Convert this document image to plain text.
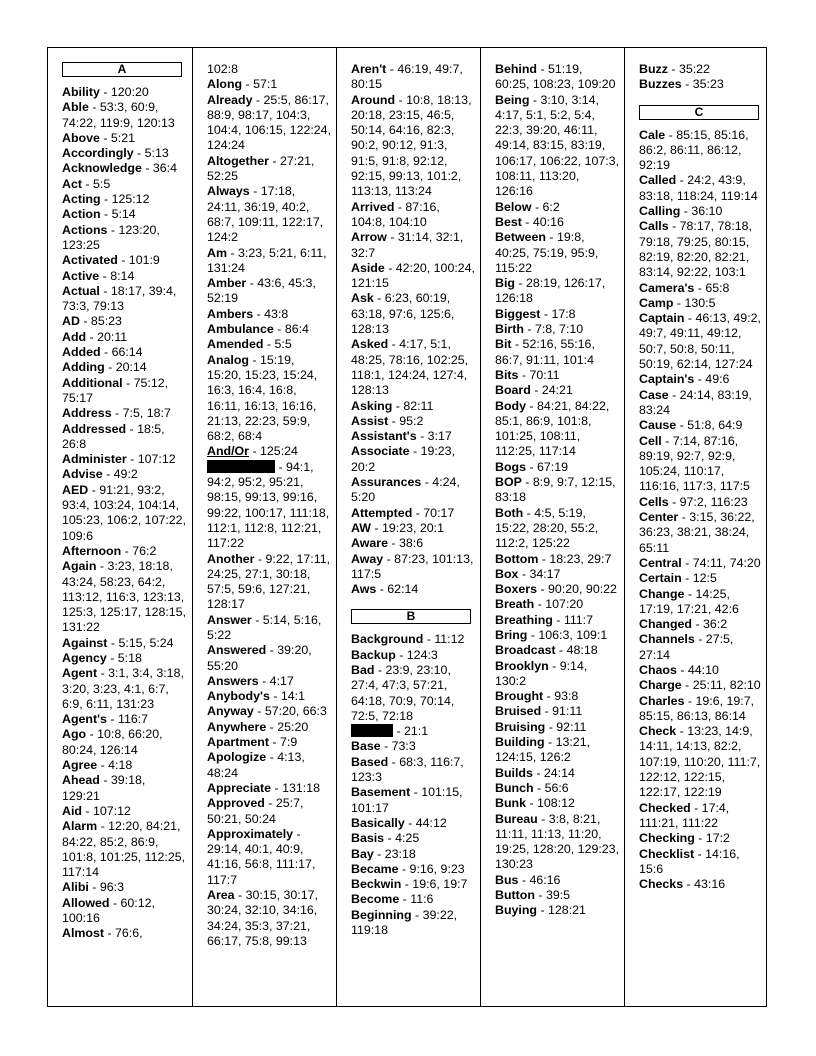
A
Ability - 120:20
Able - 53:3, 60:9, 74:22, 119:9, 120:13
Above - 5:21
Accordingly - 5:13
Acknowledge - 36:4
Act - 5:5
Acting - 125:12
Action - 5:14
Actions - 123:20, 123:25
Activated - 101:9
Active - 8:14
Actual - 18:17, 39:4, 73:3, 79:13
AD - 85:23
Add - 20:11
Added - 66:14
Adding - 20:14
Additional - 75:12, 75:17
Address - 7:5, 18:7
Addressed - 18:5, 26:8
Administer - 107:12
Advise - 49:2
AED - 91:21, 93:2, 93:4, 103:24, 104:14, 105:23, 106:2, 107:22, 109:6
Afternoon - 76:2
Again - 3:23, 18:18, 43:24, 58:23, 64:2, 113:12, 116:3, 123:13, 125:3, 125:17, 128:15, 131:22
Against - 5:15, 5:24
Agency - 5:18
Agent - 3:1, 3:4, 3:18, 3:20, 3:23, 4:1, 6:7, 6:9, 6:11, 131:23
Agent's - 116:7
Ago - 10:8, 66:20, 80:24, 126:14
Agree - 4:18
Ahead - 39:18, 129:21
Aid - 107:12
Alarm - 12:20, 84:21, 84:22, 85:2, 86:9, 101:8, 101:25, 112:25, 117:14
Alibi - 96:3
Allowed - 60:12, 100:16
Almost - 76:6,
102:8
Along - 57:1
Already - 25:5, 86:17, 88:9, 98:17, 104:3, 104:4, 106:15, 122:24, 124:24
Altogether - 27:21, 52:25
Always - 17:18, 24:11, 36:19, 40:2, 68:7, 109:11, 122:17, 124:2
Am - 3:23, 5:21, 6:11, 131:24
Amber - 43:6, 45:3, 52:19
Ambers - 43:8
Ambulance - 86:4
Amended - 5:5
Analog - 15:19, 15:20, 15:23, 15:24, 16:3, 16:4, 16:8, 16:11, 16:13, 16:16, 21:13, 22:23, 59:9, 68:2, 68:4
And/Or - 125:24
- 94:1, 94:2, 95:2, 95:21, 98:15, 99:13, 99:16, 99:22, 100:17, 111:18, 112:1, 112:8, 112:21, 117:22
Another - 9:22, 17:11, 24:25, 27:1, 30:18, 57:5, 59:6, 127:21, 128:17
Answer - 5:14, 5:16, 5:22
Answered - 39:20, 55:20
Answers - 4:17
Anybody's - 14:1
Anyway - 57:20, 66:3
Anywhere - 25:20
Apartment - 7:9
Apologize - 4:13, 48:24
Appreciate - 131:18
Approved - 25:7, 50:21, 50:24
Approximately - 29:14, 40:1, 40:9, 41:16, 56:8, 111:17, 117:7
Area - 30:15, 30:17, 30:24, 32:10, 34:16, 34:24, 35:3, 37:21, 66:17, 75:8, 99:13
Aren't - 46:19, 49:7, 80:15
Around - 10:8, 18:13, 20:18, 23:15, 46:5, 50:14, 64:16, 82:3, 90:2, 90:12, 91:3, 91:5, 91:8, 92:12, 92:15, 99:13, 101:2, 113:13, 113:24
Arrived - 87:16, 104:8, 104:10
Arrow - 31:14, 32:1, 32:7
Aside - 42:20, 100:24, 121:15
Ask - 6:23, 60:19, 63:18, 97:6, 125:6, 128:13
Asked - 4:17, 5:1, 48:25, 78:16, 102:25, 118:1, 124:24, 127:4, 128:13
Asking - 82:11
Assist - 95:2
Assistant's - 3:17
Associate - 19:23, 20:2
Assurances - 4:24, 5:20
Attempted - 70:17
AW - 19:23, 20:1
Aware - 38:6
Away - 87:23, 101:13, 117:5
Aws - 62:14
B
Background - 11:12
Backup - 124:3
Bad - 23:9, 23:10, 27:4, 47:3, 57:21, 64:18, 70:9, 70:14, 72:5, 72:18
- 21:1
Base - 73:3
Based - 68:3, 116:7, 123:3
Basement - 101:15, 101:17
Basically - 44:12
Basis - 4:25
Bay - 23:18
Became - 9:16, 9:23
Beckwin - 19:6, 19:7
Become - 11:6
Beginning - 39:22, 119:18
Behind - 51:19, 60:25, 108:23, 109:20
Being - 3:10, 3:14, 4:17, 5:1, 5:2, 5:4, 22:3, 39:20, 46:11, 49:14, 83:15, 83:19, 106:17, 106:22, 107:3, 108:11, 113:20, 126:16
Below - 6:2
Best - 40:16
Between - 19:8, 40:25, 75:19, 95:9, 115:22
Big - 28:19, 126:17, 126:18
Biggest - 17:8
Birth - 7:8, 7:10
Bit - 52:16, 55:16, 86:7, 91:11, 101:4
Bits - 70:11
Board - 24:21
Body - 84:21, 84:22, 85:1, 86:9, 101:8, 101:25, 108:11, 112:25, 117:14
Bogs - 67:19
BOP - 8:9, 9:7, 12:15, 83:18
Both - 4:5, 5:19, 15:22, 28:20, 55:2, 112:2, 125:22
Bottom - 18:23, 29:7
Box - 34:17
Boxers - 90:20, 90:22
Breath - 107:20
Breathing - 111:7
Bring - 106:3, 109:1
Broadcast - 48:18
Brooklyn - 9:14, 130:2
Brought - 93:8
Bruised - 91:11
Bruising - 92:11
Building - 13:21, 124:15, 126:2
Builds - 24:14
Bunch - 56:6
Bunk - 108:12
Bureau - 3:8, 8:21, 11:11, 11:13, 11:20, 19:25, 128:20, 129:23, 130:23
Bus - 46:16
Button - 39:5
Buying - 128:21
Buzz - 35:22
Buzzes - 35:23
C
Cale - 85:15, 85:16, 86:2, 86:11, 86:12, 92:19
Called - 24:2, 43:9, 83:18, 118:24, 119:14
Calling - 36:10
Calls - 78:17, 78:18, 79:18, 79:25, 80:15, 82:19, 82:20, 82:21, 83:14, 92:22, 103:1
Camera's - 65:8
Camp - 130:5
Captain - 46:13, 49:2, 49:7, 49:11, 49:12, 50:7, 50:8, 50:11, 50:19, 62:14, 127:24
Captain's - 49:6
Case - 24:14, 83:19, 83:24
Cause - 51:8, 64:9
Cell - 7:14, 87:16, 89:19, 92:7, 92:9, 105:24, 110:17, 116:16, 117:3, 117:5
Cells - 97:2, 116:23
Center - 3:15, 36:22, 36:23, 38:21, 38:24, 65:11
Central - 74:11, 74:20
Certain - 12:5
Change - 14:25, 17:19, 17:21, 42:6
Changed - 36:2
Channels - 27:5, 27:14
Chaos - 44:10
Charge - 25:11, 82:10
Charles - 19:6, 19:7, 85:15, 86:13, 86:14
Check - 13:23, 14:9, 14:11, 14:13, 82:2, 107:19, 110:20, 111:7, 122:12, 122:15, 122:17, 122:19
Checked - 17:4, 111:21, 111:22
Checking - 17:2
Checklist - 14:16, 15:6
Checks - 43:16
